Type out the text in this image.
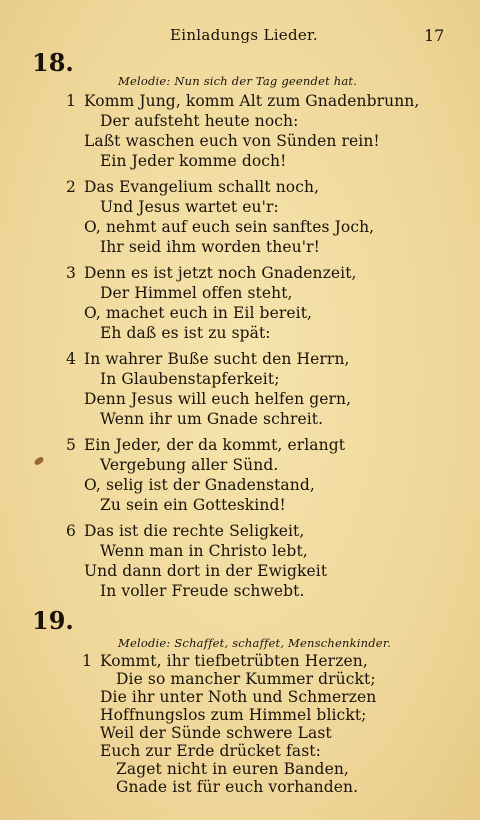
Einladungs Lieder.	17
18.
Melodie: Nun sich der Tag geendet hat.
1 Komm Jung, komm Alt zum Gnadenbrunn,
Der aufsteht heute noch:
Laßt waschen euch von Sünden rein!
Ein Jeder komme doch!
2 Das Evangelium schallt noch,
Und Jesus wartet eu'r:
O, nehmt auf euch sein sanftes Joch,
Ihr seid ihm worden theu'r!
3 Denn es ist jetzt noch Gnadenzeit,
Der Himmel offen steht,
O, machet euch in Eil bereit,
Eh daß es ist zu spät:
4 In wahrer Buße sucht den Herrn,
In Glaubenstapferkeit;
Denn Jesus will euch helfen gern,
Wenn ihr um Gnade schreit.
5 Ein Jeder, der da kommt, erlangt
Vergebung aller Sünd.
O, selig ist der Gnadenstand,
Zu sein ein Gotteskind!
6 Das ist die rechte Seligkeit,
Wenn man in Christo lebt,
Und dann dort in der Ewigkeit
In voller Freude schwebt.
19.
Melodie: Schaffet, schaffet, Menschenkinder.
1 Kommt, ihr tiefbetrübten Herzen,
Die so mancher Kummer drückt;
Die ihr unter Noth und Schmerzen
Hoffnungslos zum Himmel blickt;
Weil der Sünde schwere Last
Euch zur Erde drücket fast:
Zaget nicht in euren Banden,
Gnade ist für euch vorhanden.
